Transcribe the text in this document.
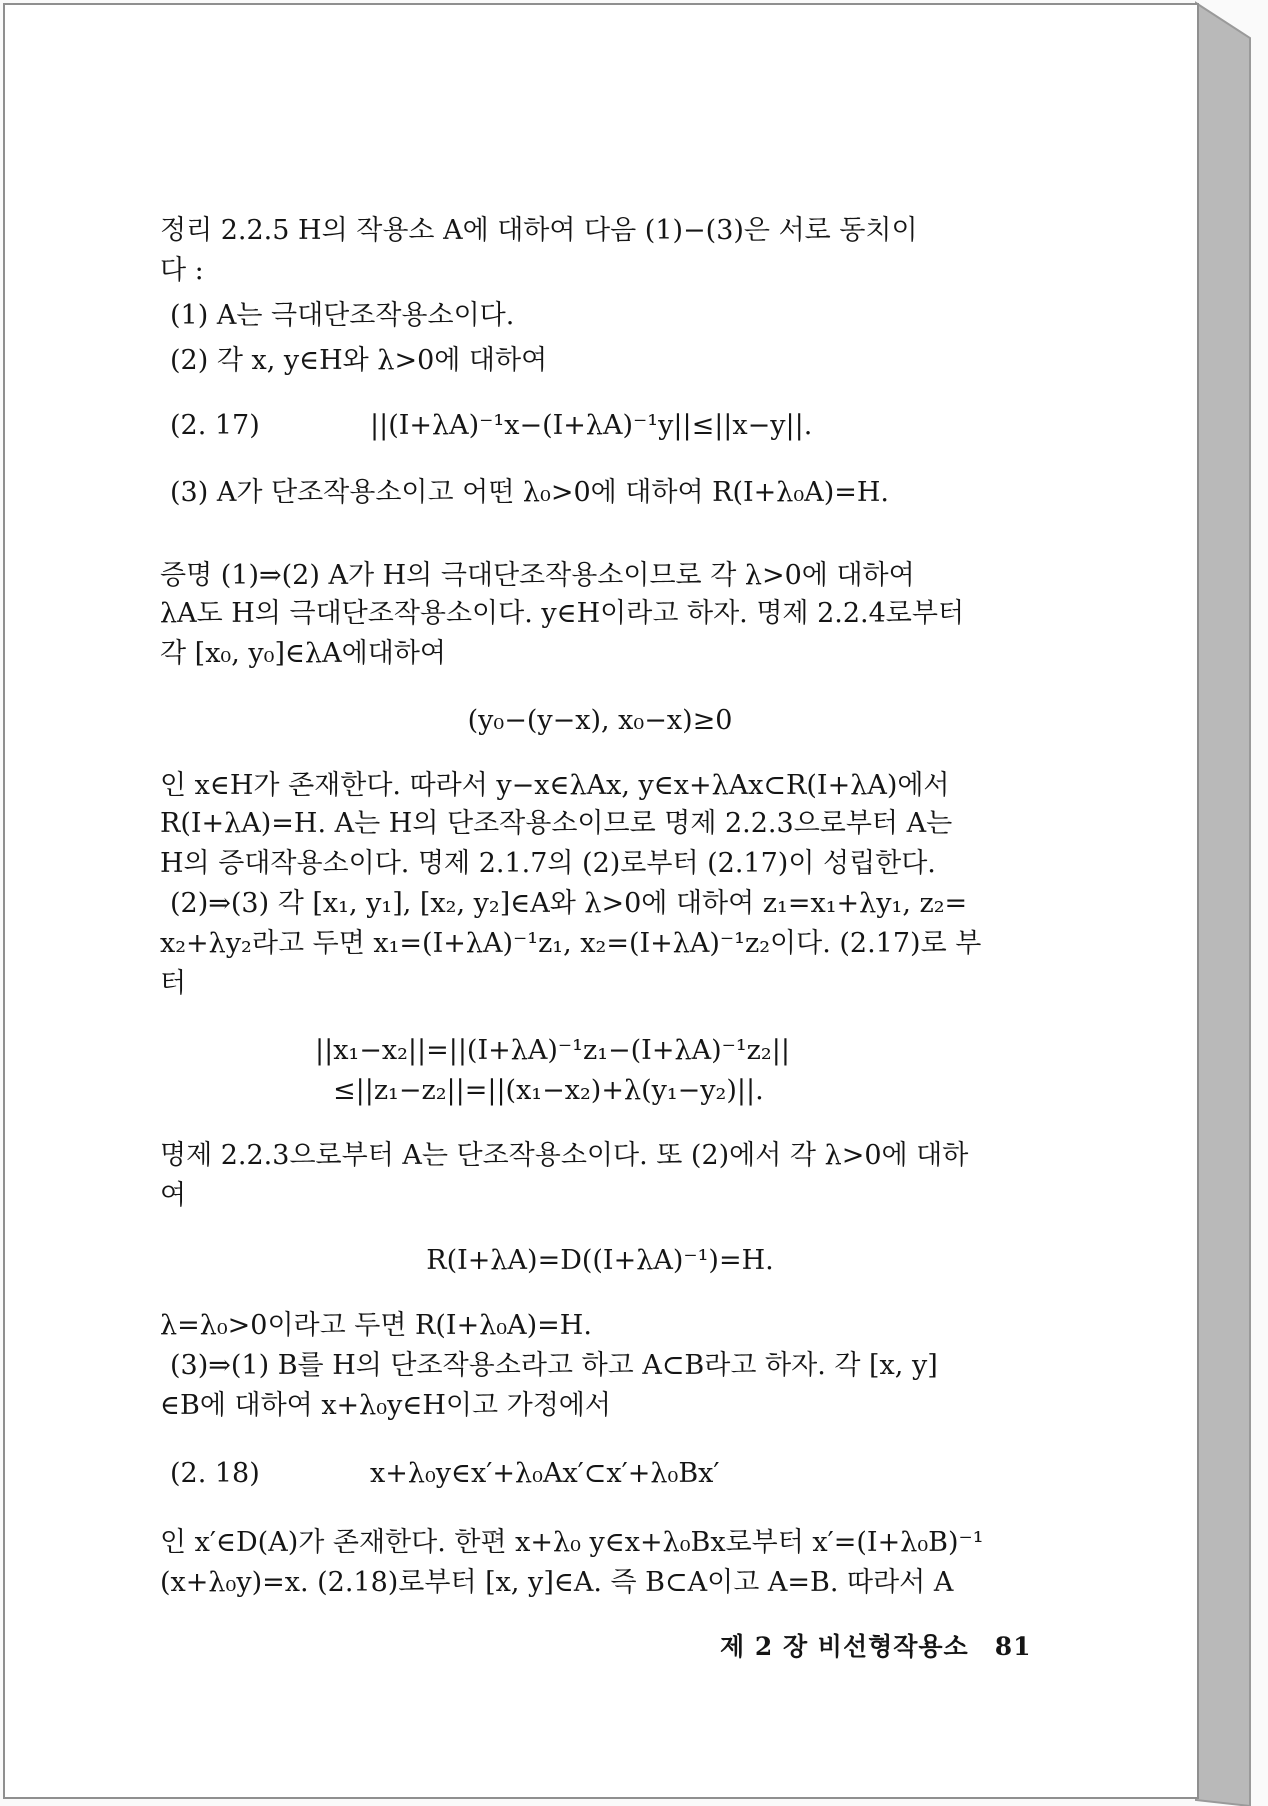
정리 2.2.5 H의 작용소 A에 대하여 다음 (1)−(3)은 서로 동치이
다 :
(1) A는 극대단조작용소이다.
(2) 각 x, y∈H와 λ>0에 대하여
(2. 17)	||(I+λA)⁻¹x−(I+λA)⁻¹y||≤||x−y||.
(3) A가 단조작용소이고 어떤 λ₀>0에 대하여 R(I+λ₀A)=H.
증명 (1)⇒(2) A가 H의 극대단조작용소이므로 각 λ>0에 대하여
λA도 H의 극대단조작용소이다. y∈H이라고 하자. 명제 2.2.4로부터
각 [x₀, y₀]∈λA에대하여
(y₀−(y−x), x₀−x)≥0
인 x∈H가 존재한다. 따라서 y−x∈λAx, y∈x+λAx⊂R(I+λA)에서
R(I+λA)=H. A는 H의 단조작용소이므로 명제 2.2.3으로부터 A는
H의 증대작용소이다. 명제 2.1.7의 (2)로부터 (2.17)이 성립한다.
(2)⇒(3) 각 [x₁, y₁], [x₂, y₂]∈A와 λ>0에 대하여 z₁=x₁+λy₁, z₂=
x₂+λy₂라고 두면 x₁=(I+λA)⁻¹z₁, x₂=(I+λA)⁻¹z₂이다. (2.17)로 부
터
||x₁−x₂||=||(I+λA)⁻¹z₁−(I+λA)⁻¹z₂||
≤||z₁−z₂||=||(x₁−x₂)+λ(y₁−y₂)||.
명제 2.2.3으로부터 A는 단조작용소이다. 또 (2)에서 각 λ>0에 대하
여
R(I+λA)=D((I+λA)⁻¹)=H.
λ=λ₀>0이라고 두면 R(I+λ₀A)=H.
(3)⇒(1) B를 H의 단조작용소라고 하고 A⊂B라고 하자. 각 [x, y]
∈B에 대하여 x+λ₀y∈H이고 가정에서
(2. 18)	x+λ₀y∈x′+λ₀Ax′⊂x′+λ₀Bx′
인 x′∈D(A)가 존재한다. 한편 x+λ₀ y∈x+λ₀Bx로부터 x′=(I+λ₀B)⁻¹
(x+λ₀y)=x. (2.18)로부터 [x, y]∈A. 즉 B⊂A이고 A=B. 따라서 A
제 2 장 비선형작용소 81
